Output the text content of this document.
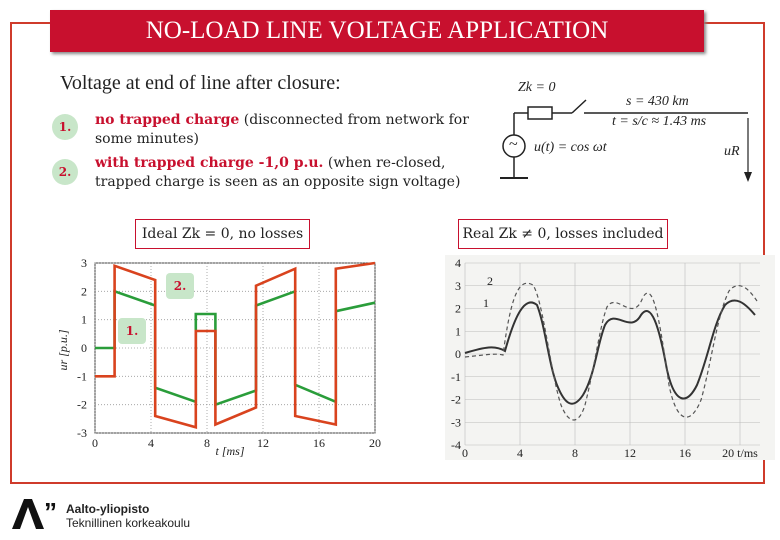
NO-LOAD LINE VOLTAGE APPLICATION
Voltage at end of line after closure:
1.	no trapped charge (disconnected from network for some minutes)
2.
with trapped charge -1,0 p.u. (when re-closed, trapped charge is seen as an opposite sign voltage)
Zk = 0
s = 430 km
t = s/c ≈ 1.43 ms
~ u(t) = cos ωt	uR
Ideal Zk = 0, no losses	Real Zk ≠ 0, losses included
3
2
1
0
-1
-2
-3
0	4	8	12	16	20
t [ms]
ur [p.u.]
2.
1.
1
2
4
3
2
1
0
-1
-2
-3
-4
0	4	8	12	16	20 t/ms
” Aalto-yliopisto
Teknillinen korkeakoulu
